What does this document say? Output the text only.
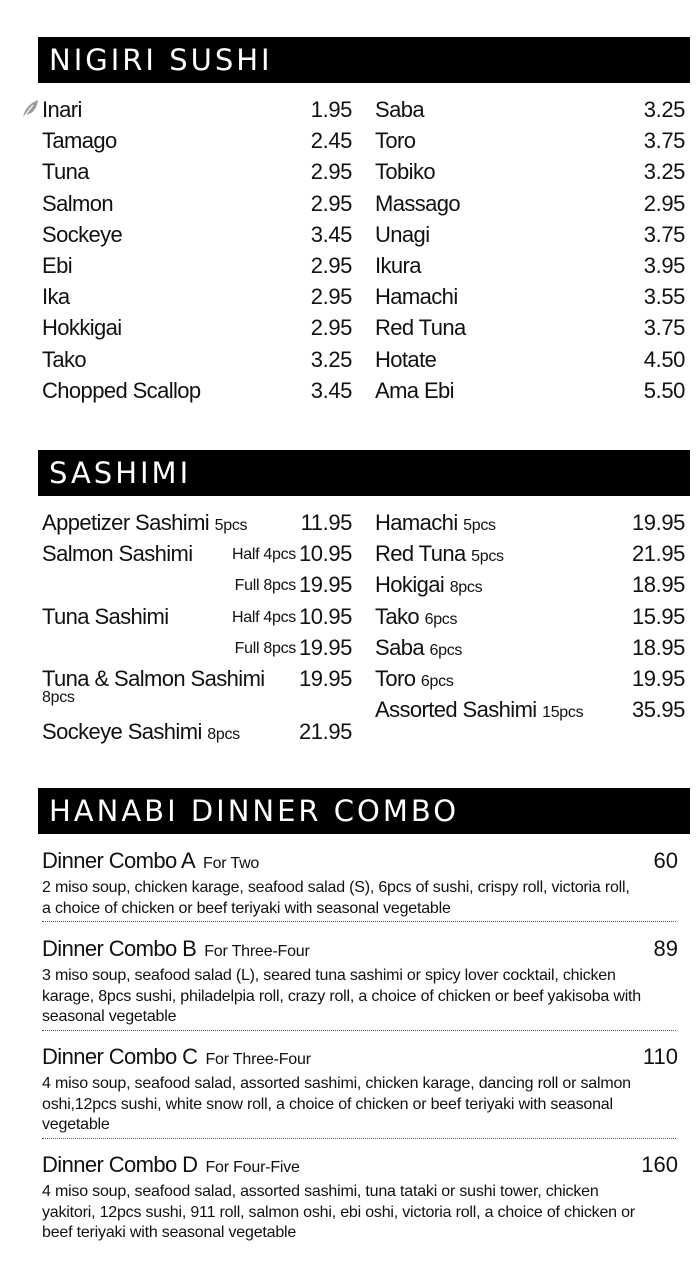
NIGIRI SUSHI
Inari	1.95
Tamago	2.45
Tuna	2.95
Salmon	2.95
Sockeye	3.45
Ebi	2.95
Ika	2.95
Hokkigai	2.95
Tako	3.25
Chopped Scallop	3.45
Saba	3.25
Toro	3.75
Tobiko	3.25
Massago	2.95
Unagi	3.75
Ikura	3.95
Hamachi	3.55
Red Tuna	3.75
Hotate	4.50
Ama Ebi	5.50
SASHIMI
Appetizer Sashimi 5pcs 11.95
Salmon Sashimi Half 4pcs 10.95
Full 8pcs 19.95
Tuna Sashimi	Half 4pcs 10.95
Full 8pcs 19.95
Tuna & Salmon Sashimi 19.95
8pcs
Sockeye Sashimi 8pcs	21.95
Hamachi 5pcs	19.95
Red Tuna 5pcs	21.95
Hokigai 8pcs	18.95
Tako 6pcs	15.95
Saba 6pcs	18.95
Toro 6pcs	19.95
Assorted Sashimi 15pcs 35.95
HANABI DINNER COMBO
Dinner Combo A For Two	60
2 miso soup, chicken karage, seafood salad (S), 6pcs of sushi, crispy roll, victoria roll, a choice of chicken or beef teriyaki with seasonal vegetable
Dinner Combo B For Three-Four	89
3 miso soup, seafood salad (L), seared tuna sashimi or spicy lover cocktail, chicken karage, 8pcs sushi, philadelpia roll, crazy roll, a choice of chicken or beef yakisoba with seasonal vegetable
Dinner Combo C For Three-Four	110
4 miso soup, seafood salad, assorted sashimi, chicken karage, dancing roll or salmon oshi,12pcs sushi, white snow roll, a choice of chicken or beef teriyaki with seasonal vegetable
Dinner Combo D For Four-Five	160
4 miso soup, seafood salad, assorted sashimi, tuna tataki or sushi tower, chicken yakitori, 12pcs sushi, 911 roll, salmon oshi, ebi oshi, victoria roll, a choice of chicken or beef teriyaki with seasonal vegetable
